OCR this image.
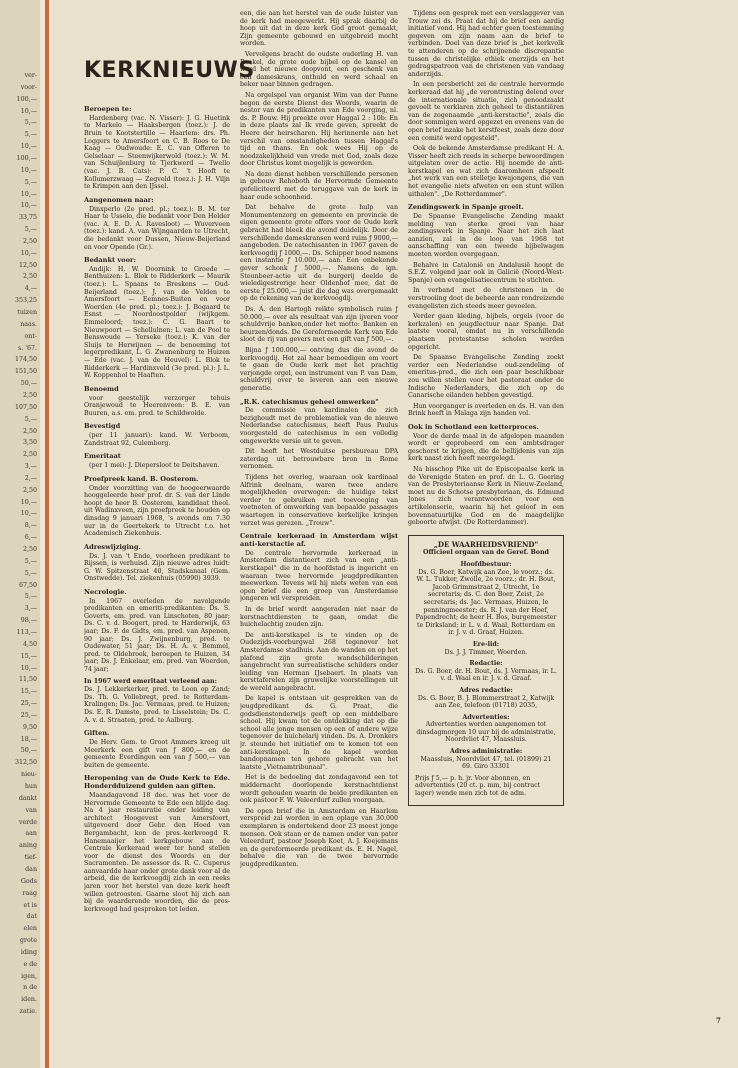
ver-
voor-
100,—
10,—
5,—
5,—
10,—
100,—
10,—
5,—
10,—
10,—
33,75
5,—
2,50
10,—
12,50
2,50
4,—
353,25
tuizen
naas.
ont-
s. '67.
174,50
151,50
50,—
2,50
107,50
5,—
2,50
3,50
2,50
3,—
2,—
2,50
10,—
10,—
8,—
6,—
2,50
5,—
5,—
67,50
5,—
3,—
98,—
113,—
4,50
15,—
10,—
11,50
15,—
25,—
25,—
9,50
18,—
50,—
312,50
nieu-
hun
dankt
van
verde
aan
aning
tief-
dan
Gods
raag
et is
dat
elen
grote
iding
e de
igen,
n de
iden.
zatie.
KERKNIEUWS
Beroepen te:

Hardenberg (vac. N. Visser): J. G. Huetink te Markelo — Haaksbergen (toez.): J. de Bruin te Kootstertille — Haarlem: drs. Ph. Loggers te Amersfoort en C. B. Roos te De Kaag — Oudwoude: E. C. van Offeren te Gelselaar — Steenwijkerwold (toez.): W. M. van Schuijlenburg te Tjerkwerd — Twello (vac. J. B. Cats): P. C. 't Hooft te Kollumerzwaag — Zegveld (toez.): J. H. Viljn te Krimpen aan den IJssel.

Aangenomen naar:

Dinxperlo (2e pred. pl.; toez.): B. M. ter Haar te Usselo, die bedankt voor Den Helder (vac. A. E. D. A. Ravesloot) — Wuverveen (toez.): kand. A. van Wijngaarden te Utrecht, die bedankt voor Dussen, Nieuw-Beijerland en voor Opende (Gr.).

Bedankt voor:

Andijk: H. W. Doornink te Groede — Benthuizen: L. Blok te Ridderkerk — Maurik (toez.): L. Spaans te Breskens — Oud-Beijerland (toez.): J. van de Velden te Amersfoort — Eemnes-Buiten en voor Woerden (4e pred. pl.; toez.): J. Bogaard te Esnst — Noordoostpolder (wijkgem. Emmeloord; toez.): C. G. Baart te Nieuwpoort — Schellulnen: L. van de Pool te Benswoude — Yerseke (toez.): K. van der Sluijs te Herwijnen — de benoeming tot legerpredikant, L. G. Zwanenburg te Huizen — Ede (vac. J. van de Heuvel): L. Blok te Ridderkerk — Hardinxveld (3e pred. pl.): J. L. W. Koppenhol te Haaften.

Benoemd

voor geestelijk verzorger tehuis Oranjewoud te Heerenveen: B. E. van Buuren, a.s. em. pred. te Schildwolde.

Bevestigd

(per 11 januari): kand. W. Verboom, Zandstraat 92, Culemborg.

Emeritaat

(per 1 mei): J. Diepersloot te Deitshaven.

Proefpreek kand. B. Oosterom.

Onder voorzitting van de hoogeerwaarde hooggeleerde heer prof. dr. S. van der Linde hoopt de heer B. Oosterom, kandidaat theol. uit Wadinxveen, zijn proefpreek te houden op dinsdag 9 januari 1968, 's avonds om 7.30 uur in de Geertekerk te Utrecht t.o. het Academisch Ziekenhuis.

Adreswijziging.

Ds. J. van 't Ende, voorheen predikant te Rijssen, is verhuisd. Zijn nieuwe adres luidt: G. W. Spitzenstraat 40, Stadskanaal (Gem. Onstwedde). Tel. ziekenhuis (05990) 3939.

Necrologie.

In 1967 overleden de navolgende predikanten en emeriti-predikanten: Ds. S. Goverts, em. pred. van Linschoten, 80 jaar; Ds. C. v. d. Boogert, pred. te Harderwijk, 63 jaar; Ds. F. de Gidts, em. pred. van Aspenen, 90 jaar; Ds. J. Zwijnenburg, pred. te Oudewater, 51 jaar; Ds. H. A. v. Bemmel, pred. te Oldebroek, beroepen te Huizen, 34 jaar; Ds. J. Enkelaar, em. pred. van Woerden, 74 jaar;

In 1967 werd emeritaat verleend aan:

Ds. J. Lekkerkerker, pred. te Loon op Zand; Ds. Th. G. Vollebregt, pred. te Rotterdam-Kralingen; Ds. Jac. Vermaas, pred. te Huizen; Ds. E. R. Damste, pred. te Lisselstein; Ds. C. A. v. d. Straaten, pred. te Aalburg.

Giften.

De Herv. Gem. te Groot Ammers kreeg uit Meerkerk een gift van ƒ 800,— en de gemeente Everdingen een van ƒ 500,— van buiten de gemeente.

Heropening van de Oude Kerk te Ede. Honderdduizend gulden aan giften.

Maandagavond 18 dec. was het voor de Hervormde Gemeente te Ede een blijde dag. Na 4 jaar restauratie onder leiding van architect Hoogevest van Amersfoort, uitgevoerd door Gebr. den Hoed van Bergambacht, kon de pres.-kerkvoogd R. Hanemaaijer het kerkgebouw aan de Centrale Kerkeraad weer ter hand stellen voor de dienst des Woords en der Sacramenten. De assessor ds. R. C. Cuperus aanvaardde haar onder grote dank voor al de arbeid, die de kerkvoogdij zich in een reeks jaren voor het herstel van deze kerk heeft willen getroosten. Gaarne sloot hij zich aan bij de waarderende woorden, die de pres-kerkvoogd had gesproken tot leden.

een, die aan het herstel van de oude luister van de kerk had meegewerkt. Hij sprak daarbij de hoop uit dat in deze kerk God groot gemaakt, Zijn gemeente gebouwd en uitgebreid mocht worden.

Vervolgens bracht de oudste ouderling H. van Roekel, de grote oude bijbel op de kansel en werd het nieuwe doopvont, een geschenk van een dameskrans, onthuld en werd schaal en beker naar binnen gedragen.

Na orgelspel van organist Wim van der Panne begon de eerste Dienst des Woords, waarin de nestor van de predikanten van Ede voorging, nl. ds. P. Bouw. Hij preekte over Haggaï 2 : 10b: En in deze plaats zal Ik vrede geven, spreekt de Heere der heirscharen. Hij herinnerde aan het verschil van omstandigheden tussen Haggaï's tijd en thans. En ook wees Hij op de noodzakelijkheid van vrede met God, zoals deze door Christus komt mogelijk is geworden.

Na deze dienst hebben verschillende personen in gebouw Rehoboth de Hervormde Gemeente gefeliciteerd met de teruggave van de kerk in haar oude schoonheid.

Dat behalve de grote hulp van Monumentenzorg en gemeente en provincie de eigen gemeente grote offers voor de Oude kerk gebracht had bleek die avond duidelijk. Door de verschillende dameskransen werd ruim ƒ 9000,— aangeboden. De catechisanten in 1967 gaven de kerkvoogdij ƒ 1000,—. Ds. Schipper bood namens een instantie ƒ 10.000,— aan. Een onbekende gever schonk ƒ 5000,—. Namens de ign. Steunbeer-actie uit de burgerij deelde de wieledigestrerige heer Oldenhof mee, dat de eerste ƒ 25.000,— juist die dag was overgemaakt op de rekening van de kerkvoogdij.

Ds. A. den Hartogh reikte symbolisch ruim ƒ 50.000,— over als resultaat van zijn ijveren voor schuldvrije banken,onder het motto: Banken en beurzen/donds. De Gereformeerde Kerk van Ede sloot de rij van gevers met een gift van ƒ 500,—.

Bijna ƒ 100.000,— ontving dus die avond de kerkvoogdij. Het zal haar bemoedigen om voort te gaan de Oude kerk met het prachtig verjongde orgel, een instrument van P. van Dam, schuldvrij over te leveren aan een nieuwe generatie.

„R.K. catechismus geheel omwerken"

De commissie van kardinalen die zich bezighoudt met de problematiek van de nieuwe Nederlandse catechismus, heeft Paus Paulus voorgesteld de catechismus in een volledig omgewerkte versie uit te geven.

Dit heeft het Westduitse persbureau DPA zaterdag uit betrouwbare bron in Rome vernomen.

Tijdens het overleg, waaraan ook kardinaal Alfrink deelnam, waren twee andere mogelijkheden overwogen: de huidige tekst verder te gebruiken met toevoeging van voetnoten of omwerking van bepaalde passages waartegen in conservatieve kerkelijke kringen verzet was gerezen. „Trouw".

Centrale kerkeraad in Amsterdam wijst anti-kerstactie af.

De centrale hervormde kerkeraad in Amsterdam distantieert zich van een „anti-kerstkapel" die in de hoofdstad is ingericht en waaraan twee hervormde jeugdpredikanten meewerken. Tevens wil hij niets weten van een open brief die een groep van Amsterdamse jongeren wil verspreiden.

In de brief wordt aangeraden niet naar de kerstnachtdiensten te gaan, omdat die huichelachtig zouden zijn.

De anti-kerstkapel is te vinden op de Oudezijds-voorburgwal 268 tegenover het Amsterdamse stadhuis. Aan de wanden en op het plafond zijn grote wandschilderingen aangebracht van surrealistische schilders onder leiding van Herman IJsebaert. In plaats van kersttaferelen zijn gruwelijke voorstellingen uit de wereld aangebracht.

De kapel is ontstaan uit gesprekken van de jeugdpredikant ds. G. Praat, die godsdienstonderwijs geeft op een middelbare school. Hij kwam tot de ontdekking dat op die school alle jonge mensen op een of andere wijze tegenover de huichelarij vinden. Ds. A. Dronkers jr. steunde het initiatief om te komen tot een anti-kerstkapel. In de kapel worden bandopnamen ten gehore gebracht van het laatste „Vietnamtribunaal".

Het is de bedoeling dat zondagavond een tot middernacht doorlopende kerstnachtdienst wordt gehouden waarin de beide predikanten en ook pastoor F. W. Veleerdurf zullen voorgaan.

De open brief die in Amsterdam en Haarlem verspreid zal worden in een oplage van 30.000 exemplaren is ondertekend door 23 meest jonge mensen. Ook staan er de namen onder van pater Veleerdurf, pastoor Joseph Koet, A. J. Koejemans en de gereformeerde predikant ds. E. H. Nagel, behalve die van de twee hervormde jeugdpredikanten.

Tijdens een gesprek met een verslaggever van Trouw zei ds. Praat dat hij de brief een aardig initiatief vond. Hij had echter geen toestemming gegeven om zijn naam aan de brief te verbinden. Doel van deze brief is „het kerkvolk te attenderen op de schrijnende discrepantie tussen de christelijke ethiek enerzijds en het gedragspatroon van de christenen van vandaag anderzijds.

In een persbericht zei de centrale hervormde kerkeraad dat hij „de verontrusting delend over de internationale situatie, zich genoodzaakt gevoelt te verklaren zich geheel te distantiëren van de zogenaamde „anti-kerstactie", zoals die door sommigen werd opgezet en evenens van de open brief inzake het kerstfeest, zoals deze door een comité werd opgesteld".

Ook de bekende Amsterdamse predikant H. A. Visser heeft zich reeds in scherpe bewoordingen uitgelaten over de actie. Hij noemde de anti-kerstkapel en wat zich daaromheen afspeelt „het werk van een stelletje kwajongens, die van het evangelie niets afweten en een stunt willen uithalen". „De Rotterdammer".

Zendingswerk in Spanje groeit.

De Spaanse Evangelische Zending maakt melding van sterke groei van haar zendingswerk in Spanje. Naar het zich laat aanzien, zal in de loop van 1968 tot aanschaffing van een tweede bijbelwagen moeten worden overgegaan.

Behalve in Catalonië en Andalusië hoopt de S.E.Z. volgend jaar ook in Galicië (Noord-West-Spanje) een evangelisatiecentrum te stichten.

In verband met de christenen in de verstrooiing doet de beheerde aan rondreizende evangelisten zich steeds meer gevoelen.

Verder gaan kleding, bijbels, orgels (voor de kerkzalen) en jeugdlectuur naar Spanje. Dat laatste vooral, omdat nu in verschillende plaatsen protestantse scholen worden opgericht.

De Spaanse Evangelische Zending zoekt verder een Nederlandse oud-zendeling of emeritus-pred., die zich een paar beschikbaar zou willen stellen voor het pastoraat onder de Indische Nederlanders, die zich op de Canarische eilanden hebben gevestigd.

Hun voorganger is overleden en ds. H. van den Brink heeft in Malaga zijn handen vol.

Ook in Schotland een ketterproces.

Voor de derde maal in de afgelopen maanden wordt er geprobeerd om een ambtsdrager geschorst te krijgen, die de bellijdenis van zijn kerk naast zich heeft neergelegd.

Na bisschop Pike uit de Episcopaalse kerk in de Verenigde Staten en prof. dr. L. G. Geering van de Presbyteriaanse Kerk in Nieuw-Zeeland, moet nu de Schotse presbyteriaan, ds. Edmund Jones zich verantwoorden voor een artikelenserie, waarin hij het geloof in een bovennatuurlijke God en de maagdelijke geboorte afwijst. (De Rotterdammer).

„DE WAARHEIDSVRIEND"
Officieel orgaan van de Geref. Bond
Hoofdbestuur:

Ds. G. Boer, Katwijk aan Zee, le voorz.; ds. W. L. Tukker, Zwolle, 2e voorz.; dr. H. Bout, Jacob Grimmstraat 2, Utrecht, 1e secretaris; ds. C. den Boer, Zeist, 2e secretaris; ds. Jac. Vermaas, Huizen, le penningmeester; ds. R. J. van der Hoef, Papendrecht; de heer H. Bos, burgemeester te Dirksland; ir. L. v. d. Waal, Rotterdam en ir. J. v. d. Graaf, Huizen.

Ere-lid:

Ds. J. J. Timmer, Woerden.

Redactie:

Ds. G. Boer, dr. H. Bout, ds. J. Vermaas, ir. L. v. d. Waal en ir. J. v. d. Graaf.

Adres redactie:

Ds. G. Boer, B. J. Blommerstraat 2, Katwijk aan Zee, telefoon (01718) 2035,

Advertenties:

Advertenties worden aangenomen tot dinsdagmorgen 10 uur bij de administratie, Noordvliet 47, Maassluis.

Adres administratie:

Maassluis, Noordvliet 47, tel. (01899) 21 69. Giro 33301

Prijs ƒ 5,— p. h. jr. Voor abonnen, en advertenties (20 ct. p. mm, bij contract lager) wende men zich tot de adm.

7
